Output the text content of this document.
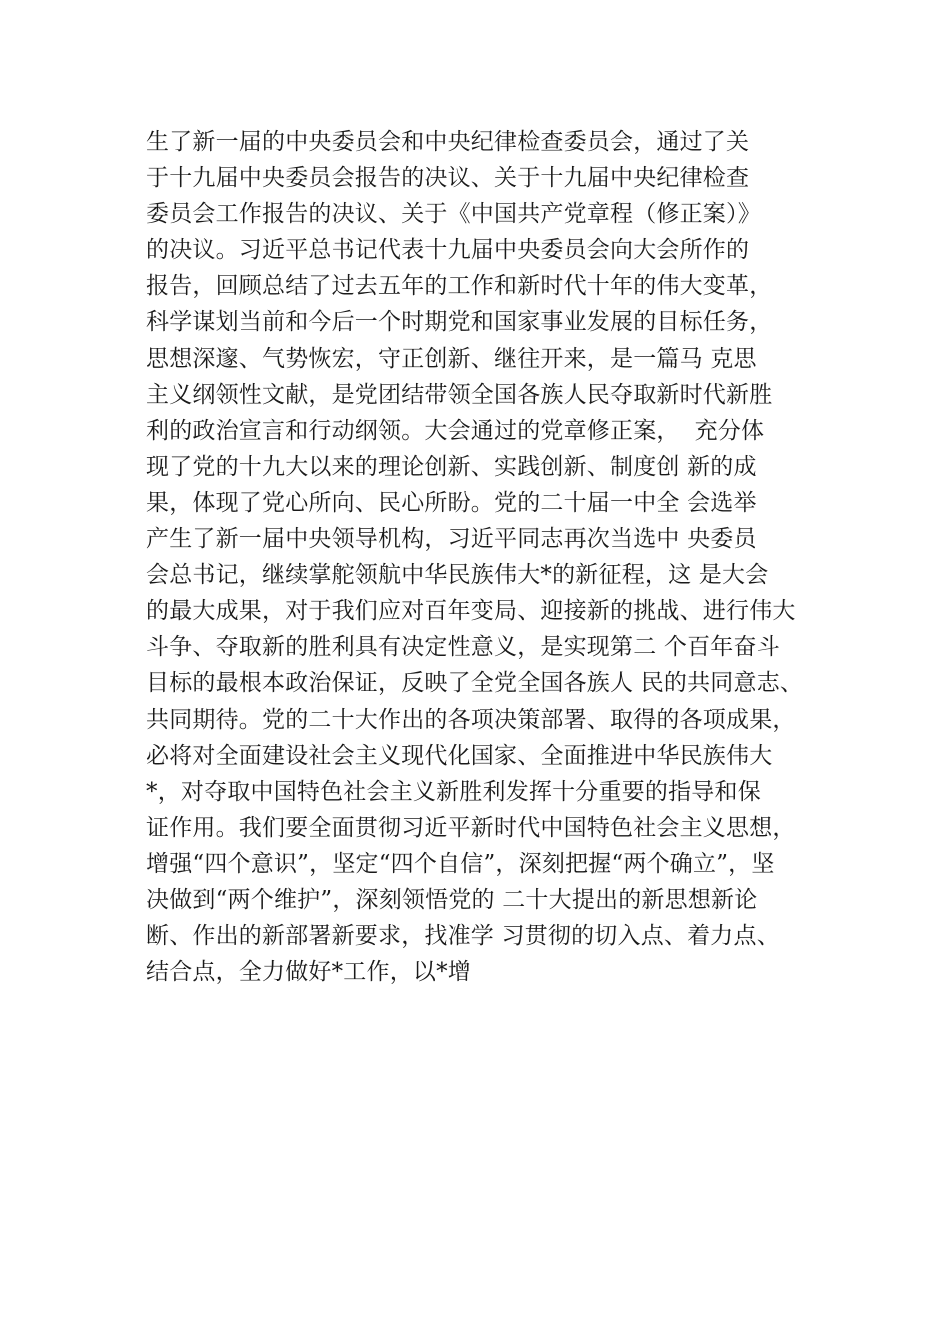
生了新一届的中央委员会和中央纪律检查委员会，通过了关
于十九届中央委员会报告的决议、关于十九届中央纪律检查
委员会工作报告的决议、关于《中国共产党章程（修正案）》
的决议。习近平总书记代表十九届中央委员会向大会所作的
报告，回顾总结了过去五年的工作和新时代十年的伟大变革，
科学谋划当前和今后一个时期党和国家事业发展的目标任务，
思想深邃、气势恢宏，守正创新、继往开来，是一篇马 克思
主义纲领性文献，是党团结带领全国各族人民夺取新时代新胜
利的政治宣言和行动纲领。大会通过的党章修正案，  充分体
现了党的十九大以来的理论创新、实践创新、制度创 新的成
果，体现了党心所向、民心所盼。党的二十届一中全 会选举
产生了新一届中央领导机构，习近平同志再次当选中 央委员
会总书记，继续掌舵领航中华民族伟大*的新征程，这 是大会
的最大成果，对于我们应对百年变局、迎接新的挑战、进行伟大
斗争、夺取新的胜利具有决定性意义，是实现第二 个百年奋斗
目标的最根本政治保证，反映了全党全国各族人 民的共同意志、
共同期待。党的二十大作出的各项决策部署、取得的各项成果，
必将对全面建设社会主义现代化国家、全面推进中华民族伟大
*，对夺取中国特色社会主义新胜利发挥十分重要的指导和保
证作用。我们要全面贯彻习近平新时代中国特色社会主义思想，
增强“四个意识”，坚定“四个自信”，深刻把握“两个确立”，坚
决做到“两个维护”，深刻领悟党的 二十大提出的新思想新论
断、作出的新部署新要求，找准学 习贯彻的切入点、着力点、
结合点，全力做好*工作，以*增
